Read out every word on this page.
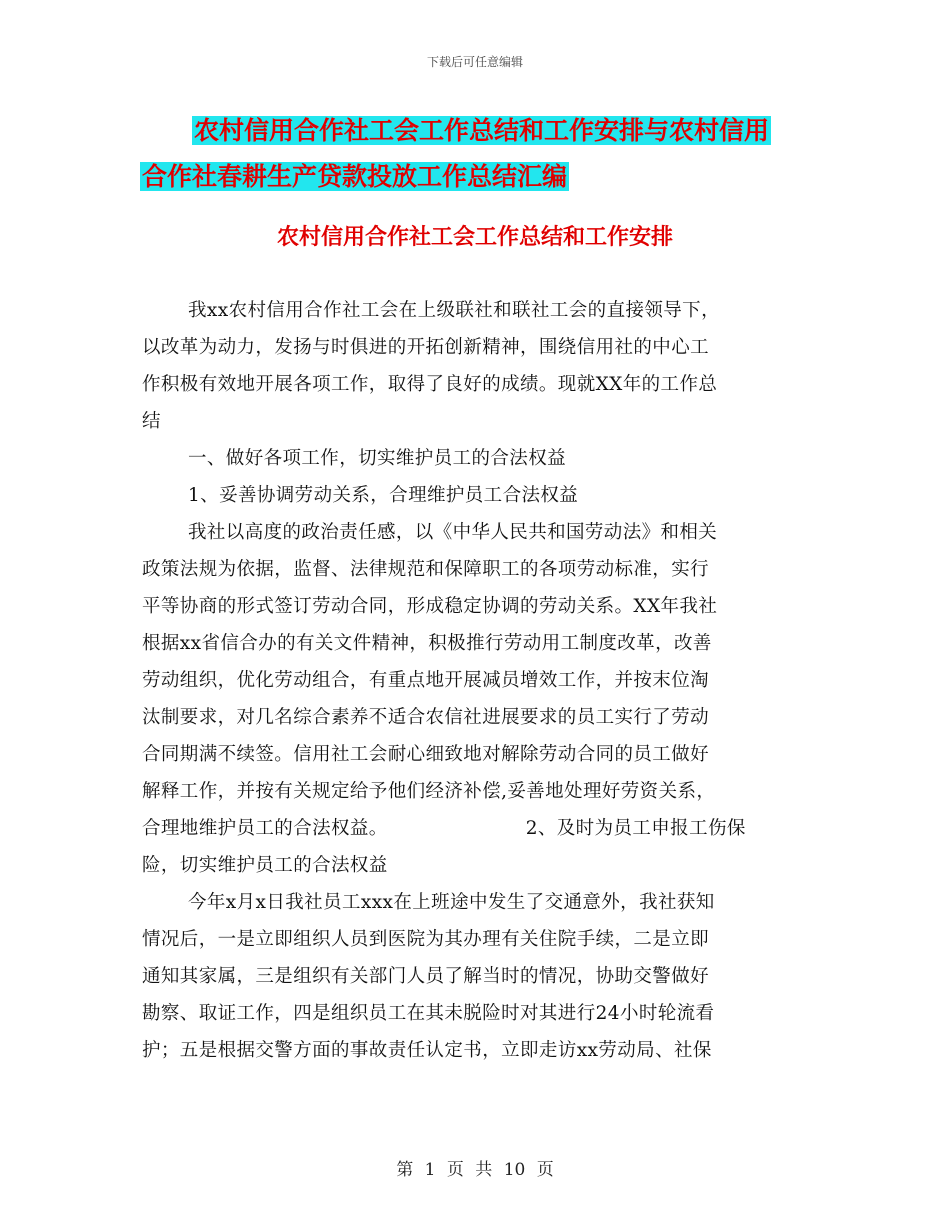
下载后可任意编辑
农村信用合作社工会工作总结和工作安排与农村信用
合作社春耕生产贷款投放工作总结汇编
农村信用合作社工会工作总结和工作安排
我xx农村信用合作社工会在上级联社和联社工会的直接领导下，
以改革为动力，发扬与时俱进的开拓创新精神，围绕信用社的中心工
作积极有效地开展各项工作，取得了良好的成绩。现就XX年的工作总
结
一、做好各项工作，切实维护员工的合法权益
1、妥善协调劳动关系，合理维护员工合法权益
我社以高度的政治责任感，以《中华人民共和国劳动法》和相关
政策法规为依据，监督、法律规范和保障职工的各项劳动标准，实行
平等协商的形式签订劳动合同，形成稳定协调的劳动关系。XX年我社
根据xx省信合办的有关文件精神，积极推行劳动用工制度改革，改善
劳动组织，优化劳动组合，有重点地开展减员增效工作，并按末位淘
汰制要求，对几名综合素养不适合农信社进展要求的员工实行了劳动
合同期满不续签。信用社工会耐心细致地对解除劳动合同的员工做好
解释工作，并按有关规定给予他们经济补偿,妥善地处理好劳资关系，
合理地维护员工的合法权益。	2、及时为员工申报工伤保
险，切实维护员工的合法权益
今年x月x日我社员工xxx在上班途中发生了交通意外，我社获知
情况后，一是立即组织人员到医院为其办理有关住院手续，二是立即
通知其家属，三是组织有关部门人员了解当时的情况，协助交警做好
勘察、取证工作，四是组织员工在其未脱险时对其进行24小时轮流看
护；五是根据交警方面的事故责任认定书，立即走访xx劳动局、社保
第 1 页 共 10 页
